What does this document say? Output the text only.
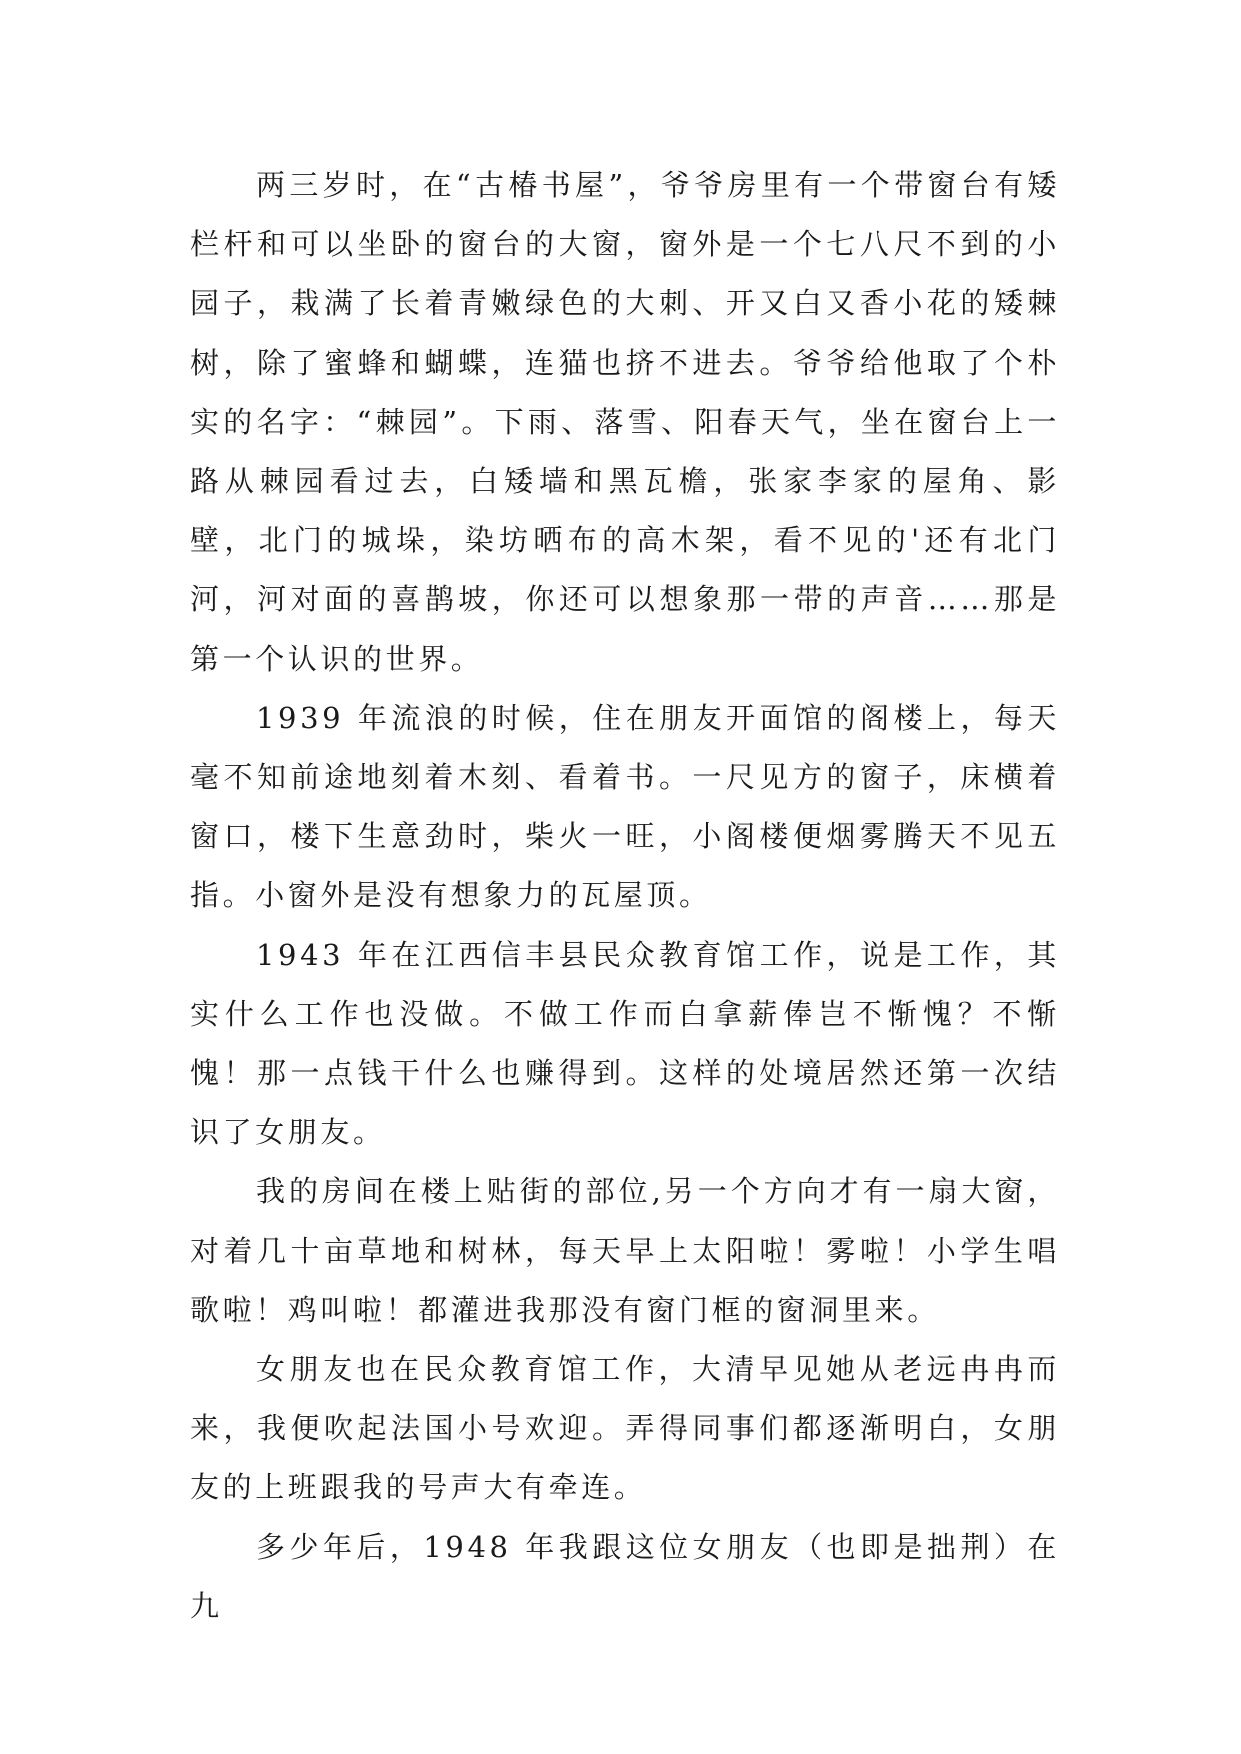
两三岁时，在“古椿书屋”，爷爷房里有一个带窗台有矮栏杆和可以坐卧的窗台的大窗，窗外是一个七八尺不到的小园子，栽满了长着青嫩绿色的大刺、开又白又香小花的矮棘树，除了蜜蜂和蝴蝶，连猫也挤不进去。爷爷给他取了个朴实的名字：“棘园”。下雨、落雪、阳春天气，坐在窗台上一路从棘园看过去，白矮墙和黑瓦檐，张家李家的屋角、影壁，北门的城垛，染坊晒布的高木架，看不见的'还有北门河，河对面的喜鹊坡，你还可以想象那一带的声音……那是第一个认识的世界。

1939 年流浪的时候，住在朋友开面馆的阁楼上，每天毫不知前途地刻着木刻、看着书。一尺见方的窗子，床横着窗口，楼下生意劲时，柴火一旺，小阁楼便烟雾腾天不见五指。小窗外是没有想象力的瓦屋顶。

1943 年在江西信丰县民众教育馆工作，说是工作，其实什么工作也没做。不做工作而白拿薪俸岂不惭愧？不惭愧！那一点钱干什么也赚得到。这样的处境居然还第一次结识了女朋友。

我的房间在楼上贴街的部位,另一个方向才有一扇大窗，对着几十亩草地和树林，每天早上太阳啦！雾啦！小学生唱歌啦！鸡叫啦！都灌进我那没有窗门框的窗洞里来。

女朋友也在民众教育馆工作，大清早见她从老远冉冉而来，我便吹起法国小号欢迎。弄得同事们都逐渐明白，女朋友的上班跟我的号声大有牵连。

多少年后，1948 年我跟这位女朋友（也即是拙荆）在九
